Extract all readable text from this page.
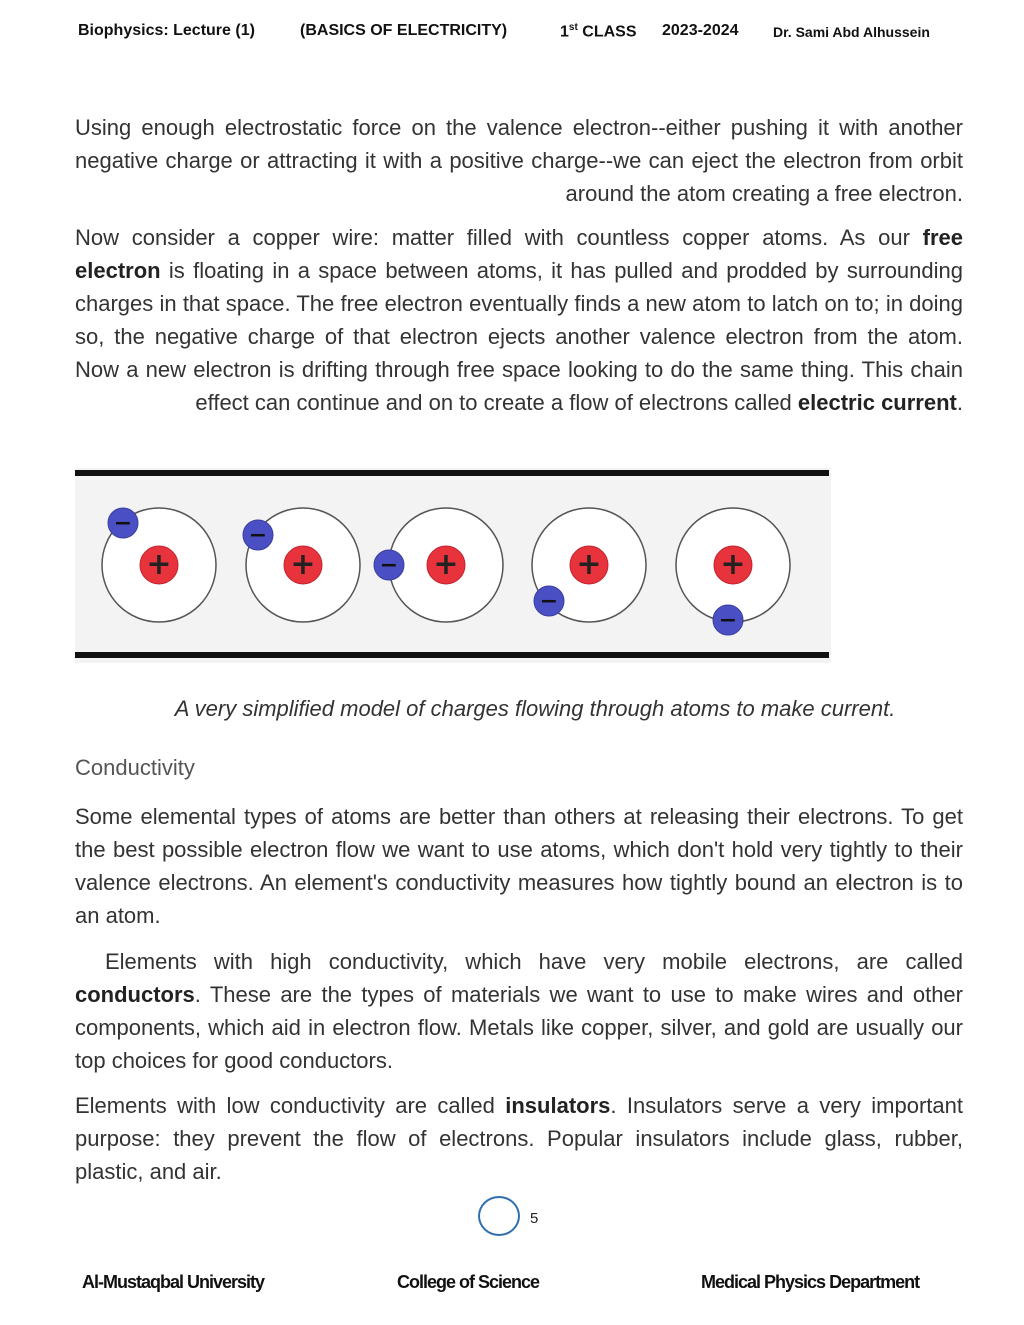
Biophysics: Lecture (1)	(BASICS OF ELECTRICITY)	1st CLASS 2023-2024 Dr. Sami Abd Alhussein

Using enough electrostatic force on the valence electron--either pushing it with another negative charge or attracting it with a positive charge--we can eject the electron from orbit around the atom creating a free electron.

Now consider a copper wire: matter filled with countless copper atoms. As our free electron is floating in a space between atoms, it has pulled and prodded by surrounding charges in that space. The free electron eventually finds a new atom to latch on to; in doing so, the negative charge of that electron ejects another valence electron from the atom. Now a new electron is drifting through free space looking to do the same thing. This chain effect can continue and on to create a flow of electrons called electric current.

+
−
+
−
+
−	+
−
+
−

A very simplified model of charges flowing through atoms to make current.

Conductivity

Some elemental types of atoms are better than others at releasing their electrons. To get the best possible electron flow we want to use atoms, which don't hold very tightly to their valence electrons. An element's conductivity measures how tightly bound an electron is to an atom.

Elements with high conductivity, which have very mobile electrons, are called conductors. These are the types of materials we want to use to make wires and other components, which aid in electron flow. Metals like copper, silver, and gold are usually our top choices for good conductors.

Elements with low conductivity are called insulators. Insulators serve a very important purpose: they prevent the flow of electrons. Popular insulators include glass, rubber, plastic, and air.

5
Al-Mustaqbal University	College of Science	Medical Physics Department
